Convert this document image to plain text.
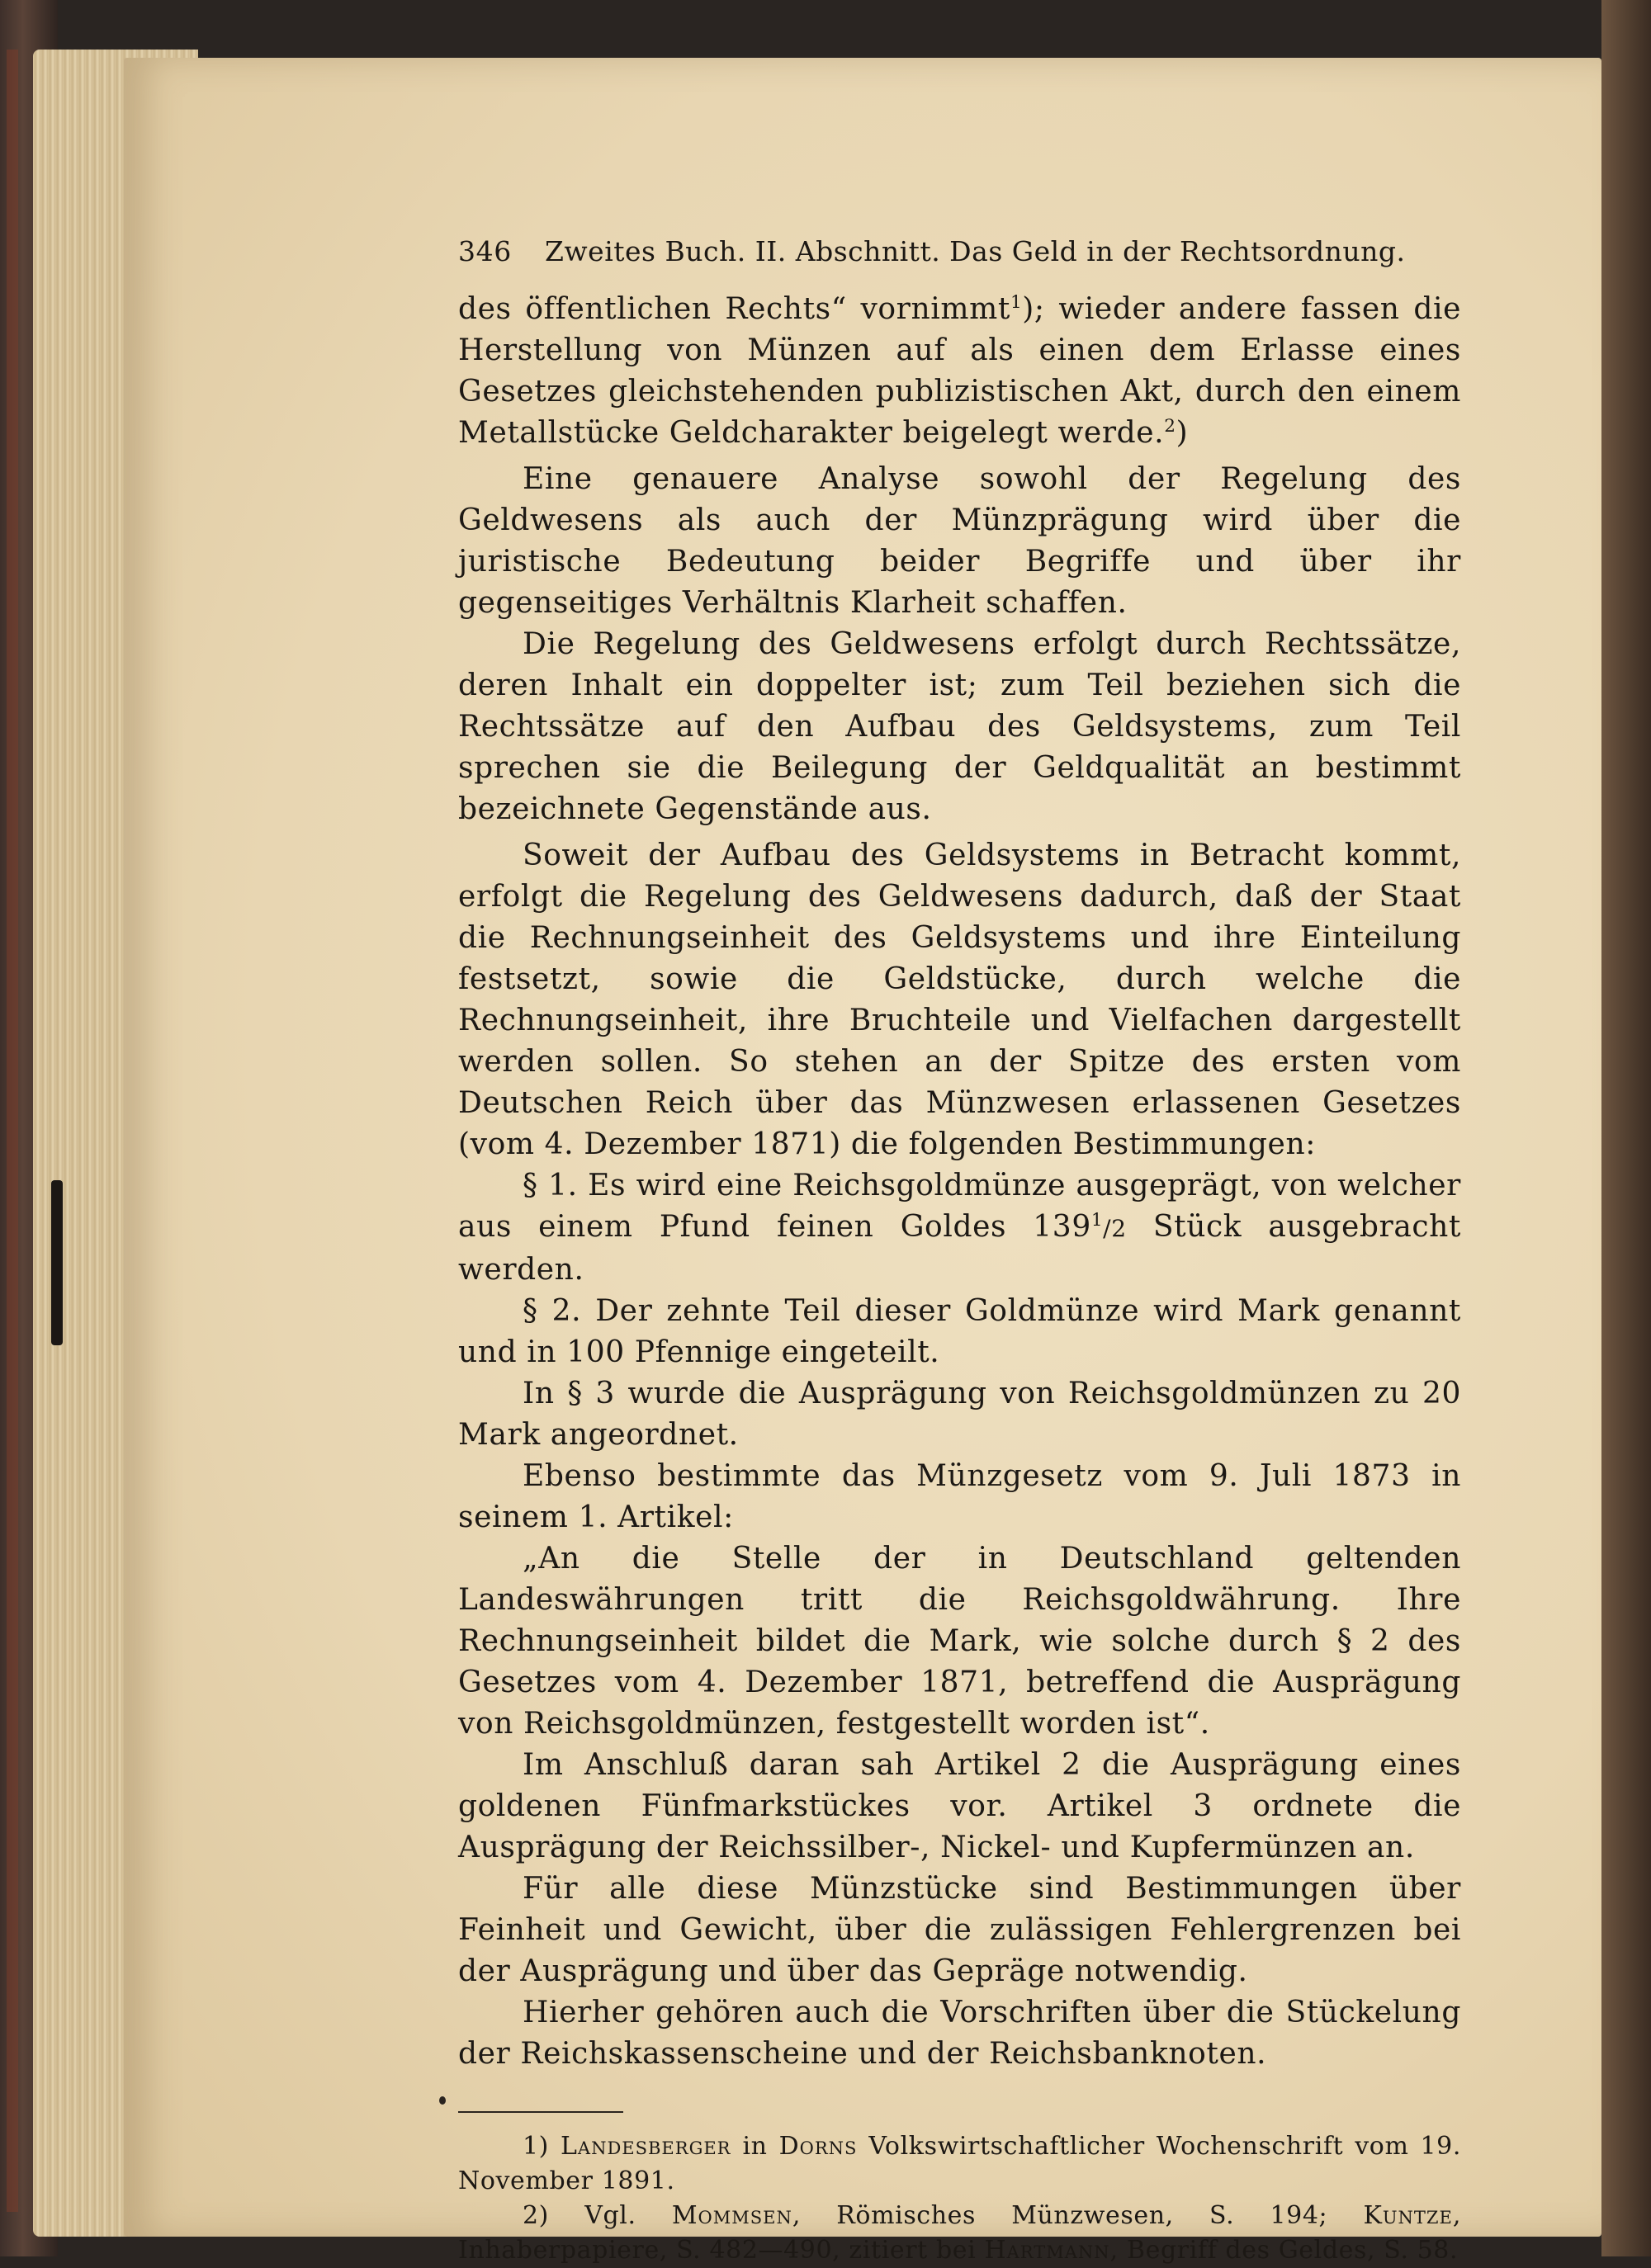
346	Zweites Buch. II. Abschnitt. Das Geld in der Rechtsordnung.

des öffentlichen Rechts“ vornimmt$^1$); wieder andere fassen die Herstellung von Münzen auf als einen dem Erlasse eines Gesetzes gleichstehenden publizistischen Akt, durch den einem Metallstücke Geldcharakter beigelegt werde.$^2$)

Eine genauere Analyse sowohl der Regelung des Geldwesens als auch der Münzprägung wird über die juristische Bedeutung beider Begriffe und über ihr gegenseitiges Verhältnis Klarheit schaffen.

Die Regelung des Geldwesens erfolgt durch Rechtssätze, deren Inhalt ein doppelter ist; zum Teil beziehen sich die Rechtssätze auf den Aufbau des Geldsystems, zum Teil sprechen sie die Beilegung der Geldqualität an bestimmt bezeichnete Gegenstände aus.

Soweit der Aufbau des Geldsystems in Betracht kommt, erfolgt die Regelung des Geldwesens dadurch, daß der Staat die Rechnungseinheit des Geldsystems und ihre Einteilung festsetzt, sowie die Geldstücke, durch welche die Rechnungseinheit, ihre Bruchteile und Vielfachen dargestellt werden sollen. So stehen an der Spitze des ersten vom Deutschen Reich über das Münzwesen erlassenen Gesetzes (vom 4. Dezember 1871) die folgenden Bestimmungen:

§ 1. Es wird eine Reichsgoldmünze ausgeprägt, von welcher aus einem Pfund feinen Goldes $139^1/2$ Stück ausgebracht werden.

§ 2. Der zehnte Teil dieser Goldmünze wird Mark genannt und in 100 Pfennige eingeteilt.

In § 3 wurde die Ausprägung von Reichsgoldmünzen zu 20 Mark angeordnet.

Ebenso bestimmte das Münzgesetz vom 9. Juli 1873 in seinem 1. Artikel:

„An die Stelle der in Deutschland geltenden Landeswährungen tritt die Reichsgoldwährung. Ihre Rechnungseinheit bildet die Mark, wie solche durch § 2 des Gesetzes vom 4. Dezember 1871, betreffend die Ausprägung von Reichsgoldmünzen, festgestellt worden ist“.

Im Anschluß daran sah Artikel 2 die Ausprägung eines goldenen Fünfmarkstückes vor. Artikel 3 ordnete die Ausprägung der Reichssilber-, Nickel- und Kupfermünzen an.

Für alle diese Münzstücke sind Bestimmungen über Feinheit und Gewicht, über die zulässigen Fehlergrenzen bei der Ausprägung und über das Gepräge notwendig.

Hierher gehören auch die Vorschriften über die Stückelung der Reichskassenscheine und der Reichsbanknoten.

1) Landesberger in Dorns Volkswirtschaftlicher Wochenschrift vom 19. November 1891.

2) Vgl. Mommsen, Römisches Münzwesen, S. 194; Kuntze, Inhaberpapiere, S. 482—490, zitiert bei Hartmann, Begriff des Geldes, S. 58.
